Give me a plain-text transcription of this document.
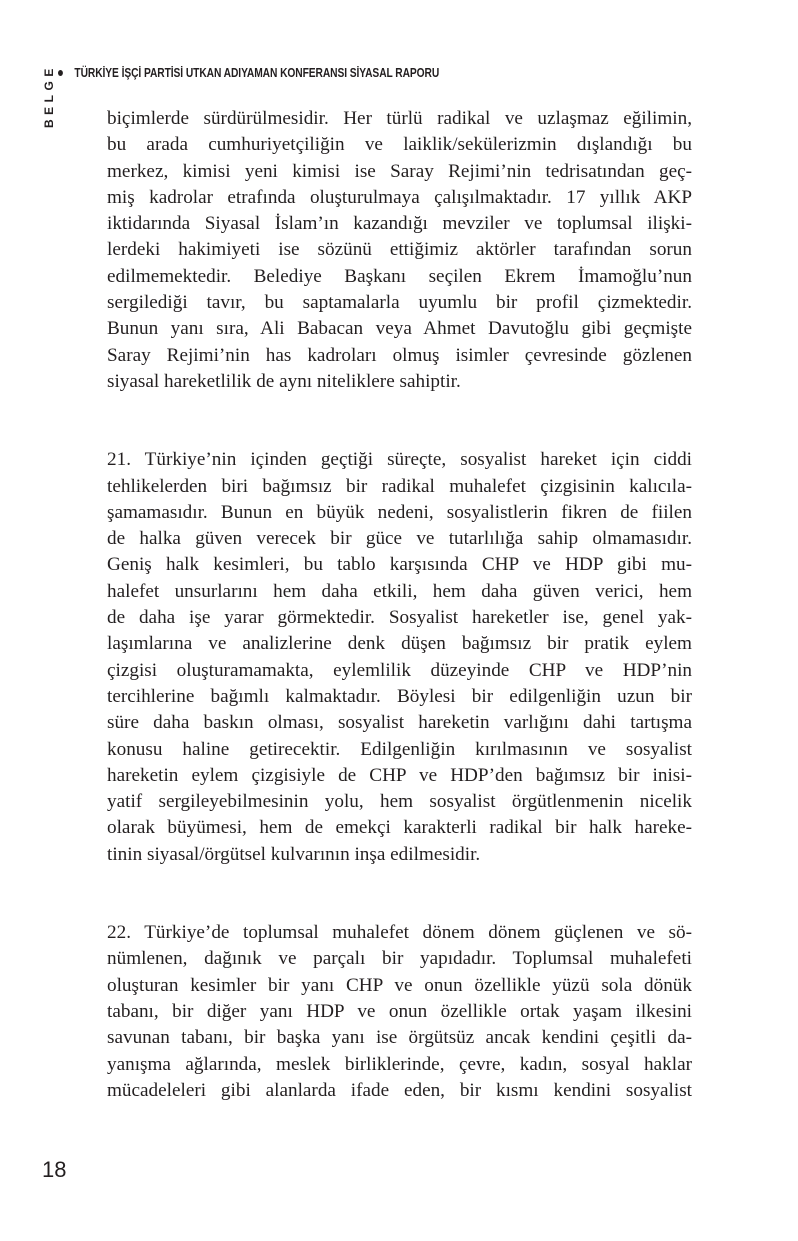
TÜRKİYE İŞÇİ PARTİSİ UTKAN ADIYAMAN KONFERANSI SİYASAL RAPORU
BELGE	biçimlerde sürdürülmesidir. Her türlü radikal ve uzlaşmaz eğilimin,
bu arada cumhuriyetçiliğin ve laiklik/sekülerizmin dışlandığı bu
merkez, kimisi yeni kimisi ise Saray Rejimi’nin tedrisatından geç-
miş kadrolar etrafında oluşturulmaya çalışılmaktadır. 17 yıllık AKP
iktidarında Siyasal İslam’ın kazandığı mevziler ve toplumsal ilişki-
lerdeki hakimiyeti ise sözünü ettiğimiz aktörler tarafından sorun
edilmemektedir. Belediye Başkanı seçilen Ekrem İmamoğlu’nun
sergilediği tavır, bu saptamalarla uyumlu bir profil çizmektedir.
Bunun yanı sıra, Ali Babacan veya Ahmet Davutoğlu gibi geçmişte
Saray Rejimi’nin has kadroları olmuş isimler çevresinde gözlenen
siyasal hareketlilik de aynı niteliklere sahiptir.

21. Türkiye’nin içinden geçtiği süreçte, sosyalist hareket için ciddi
tehlikelerden biri bağımsız bir radikal muhalefet çizgisinin kalıcıla-
şamamasıdır. Bunun en büyük nedeni, sosyalistlerin fikren de fiilen
de halka güven verecek bir güce ve tutarlılığa sahip olmamasıdır.
Geniş halk kesimleri, bu tablo karşısında CHP ve HDP gibi mu-
halefet unsurlarını hem daha etkili, hem daha güven verici, hem
de daha işe yarar görmektedir. Sosyalist hareketler ise, genel yak-
laşımlarına ve analizlerine denk düşen bağımsız bir pratik eylem
çizgisi oluşturamamakta, eylemlilik düzeyinde CHP ve HDP’nin
tercihlerine bağımlı kalmaktadır. Böylesi bir edilgenliğin uzun bir
süre daha baskın olması, sosyalist hareketin varlığını dahi tartışma
konusu haline getirecektir. Edilgenliğin kırılmasının ve sosyalist
hareketin eylem çizgisiyle de CHP ve HDP’den bağımsız bir inisi-
yatif sergileyebilmesinin yolu, hem sosyalist örgütlenmenin nicelik
olarak büyümesi, hem de emekçi karakterli radikal bir halk hareke-
tinin siyasal/örgütsel kulvarının inşa edilmesidir.

22. Türkiye’de toplumsal muhalefet dönem dönem güçlenen ve sö-
nümlenen, dağınık ve parçalı bir yapıdadır. Toplumsal muhalefeti
oluşturan kesimler bir yanı CHP ve onun özellikle yüzü sola dönük
tabanı, bir diğer yanı HDP ve onun özellikle ortak yaşam ilkesini
savunan tabanı, bir başka yanı ise örgütsüz ancak kendini çeşitli da-
yanışma ağlarında, meslek birliklerinde, çevre, kadın, sosyal haklar
mücadeleleri gibi alanlarda ifade eden, bir kısmı kendini sosyalist

18
